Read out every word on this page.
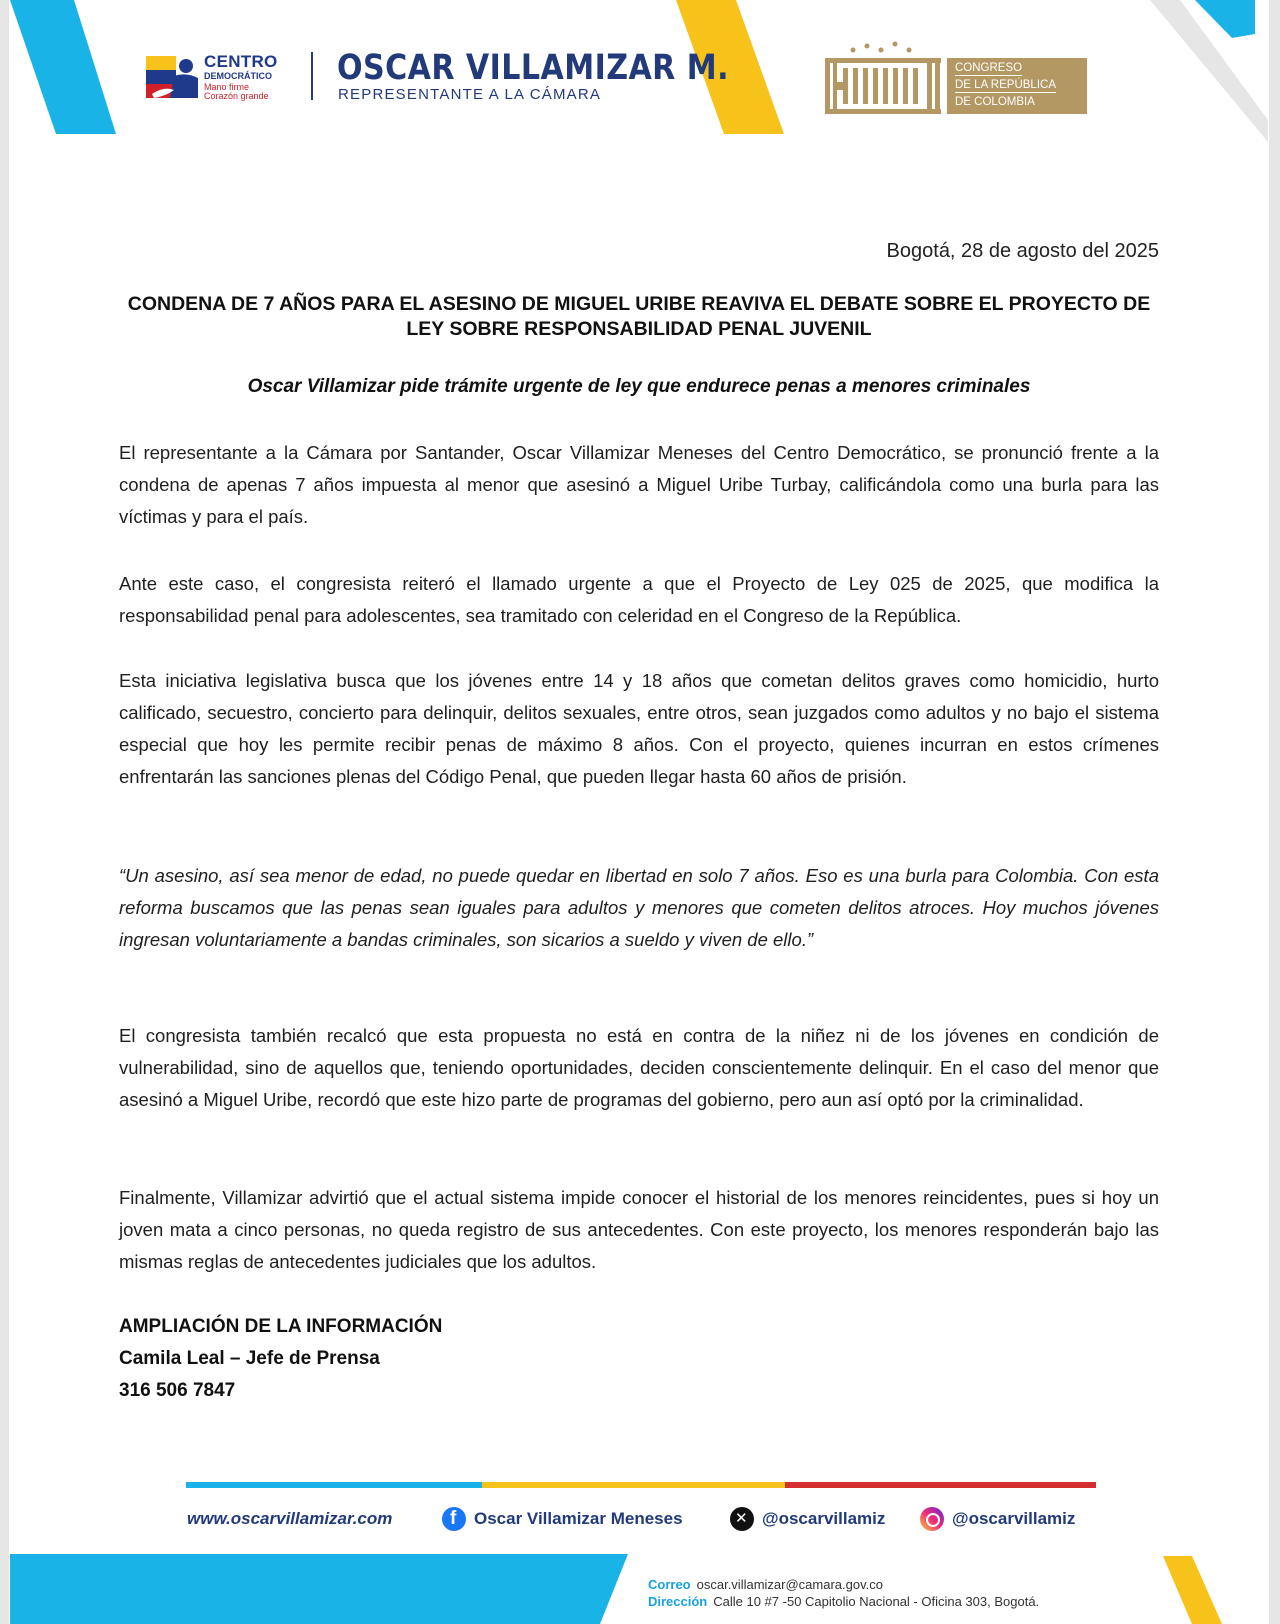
CENTRO
DEMOCRÁTICO
Mano firme
Corazón grande
OSCAR VILLAMIZAR M.
REPRESENTANTE A LA CÁMARA
CONGRESO
DE LA REPÚBLICA
DE COLOMBIA
Bogotá, 28 de agosto del 2025
CONDENA DE 7 AÑOS PARA EL ASESINO DE MIGUEL URIBE REAVIVA EL DEBATE SOBRE EL PROYECTO DE LEY SOBRE RESPONSABILIDAD PENAL JUVENIL
Oscar Villamizar pide trámite urgente de ley que endurece penas a menores criminales

El representante a la Cámara por Santander, Oscar Villamizar Meneses del Centro Democrático, se pronunció frente a la condena de apenas 7 años impuesta al menor que asesinó a Miguel Uribe Turbay, calificándola como una burla para las víctimas y para el país.

Ante este caso, el congresista reiteró el llamado urgente a que el Proyecto de Ley 025 de 2025, que modifica la responsabilidad penal para adolescentes, sea tramitado con celeridad en el Congreso de la República.

Esta iniciativa legislativa busca que los jóvenes entre 14 y 18 años que cometan delitos graves como homicidio, hurto calificado, secuestro, concierto para delinquir, delitos sexuales, entre otros, sean juzgados como adultos y no bajo el sistema especial que hoy les permite recibir penas de máximo 8 años. Con el proyecto, quienes incurran en estos crímenes enfrentarán las sanciones plenas del Código Penal, que pueden llegar hasta 60 años de prisión.

“Un asesino, así sea menor de edad, no puede quedar en libertad en solo 7 años. Eso es una burla para Colombia. Con esta reforma buscamos que las penas sean iguales para adultos y menores que cometen delitos atroces. Hoy muchos jóvenes ingresan voluntariamente a bandas criminales, son sicarios a sueldo y viven de ello.”

El congresista también recalcó que esta propuesta no está en contra de la niñez ni de los jóvenes en condición de vulnerabilidad, sino de aquellos que, teniendo oportunidades, deciden conscientemente delinquir. En el caso del menor que asesinó a Miguel Uribe, recordó que este hizo parte de programas del gobierno, pero aun así optó por la criminalidad.

Finalmente, Villamizar advirtió que el actual sistema impide conocer el historial de los menores reincidentes, pues si hoy un joven mata a cinco personas, no queda registro de sus antecedentes. Con este proyecto, los menores responderán bajo las mismas reglas de antecedentes judiciales que los adultos.

AMPLIACIÓN DE LA INFORMACIÓN
Camila Leal – Jefe de Prensa
316 506 7847
www.oscarvillamizar.com f	Oscar Villamizar Meneses ✕	@oscarvillamiz	@oscarvillamiz
Correo oscar.villamizar@camara.gov.co
Dirección Calle 10 #7 -50 Capitolio Nacional - Oficina 303, Bogotá.
